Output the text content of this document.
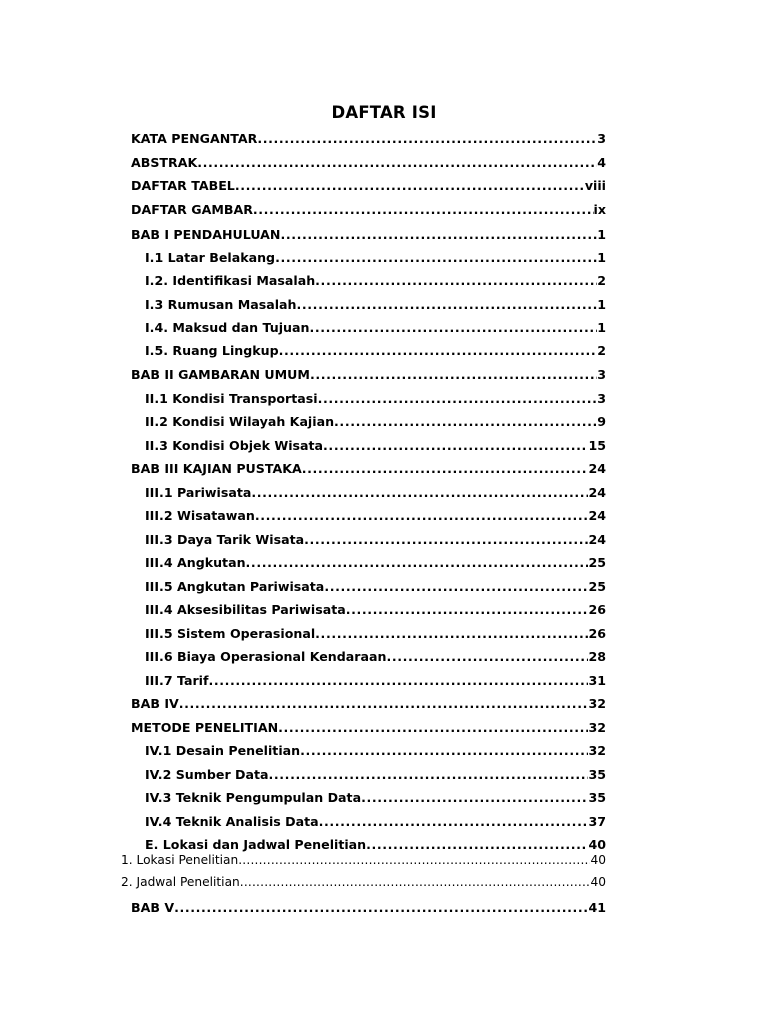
DAFTAR ISI
KATA PENGANTAR .....	3
ABSTRAK .....	4
DAFTAR TABEL .....	viii
DAFTAR GAMBAR .....	ix
BAB I PENDAHULUAN .....	1
I.1 Latar Belakang .....	1
I.2. Identifikasi Masalah .....	2
I.3 Rumusan Masalah .....	1
I.4. Maksud dan Tujuan .....	1
I.5. Ruang Lingkup .....	2
BAB II GAMBARAN UMUM .....	3
II.1 Kondisi Transportasi .....	3
II.2 Kondisi Wilayah Kajian .....	9
II.3 Kondisi Objek Wisata .....	15
BAB III KAJIAN PUSTAKA .....	24
III.1 Pariwisata .....	24
III.2 Wisatawan .....	24
III.3 Daya Tarik Wisata .....	24
III.4 Angkutan .....	25
III.5 Angkutan Pariwisata .....	25
III.4 Aksesibilitas Pariwisata .....	26
III.5 Sistem Operasional .....	26
III.6 Biaya Operasional Kendaraan .....	28
III.7 Tarif .....	31
BAB IV .....	32
METODE PENELITIAN .....	32
IV.1 Desain Penelitian .....	32
IV.2 Sumber Data .....	35
IV.3 Teknik Pengumpulan Data .....	35
IV.4 Teknik Analisis Data .....	37
E. Lokasi dan Jadwal Penelitian .....	40
1. Lokasi Penelitian .....	40
2. Jadwal Penelitian .....	40
BAB V .....	41
